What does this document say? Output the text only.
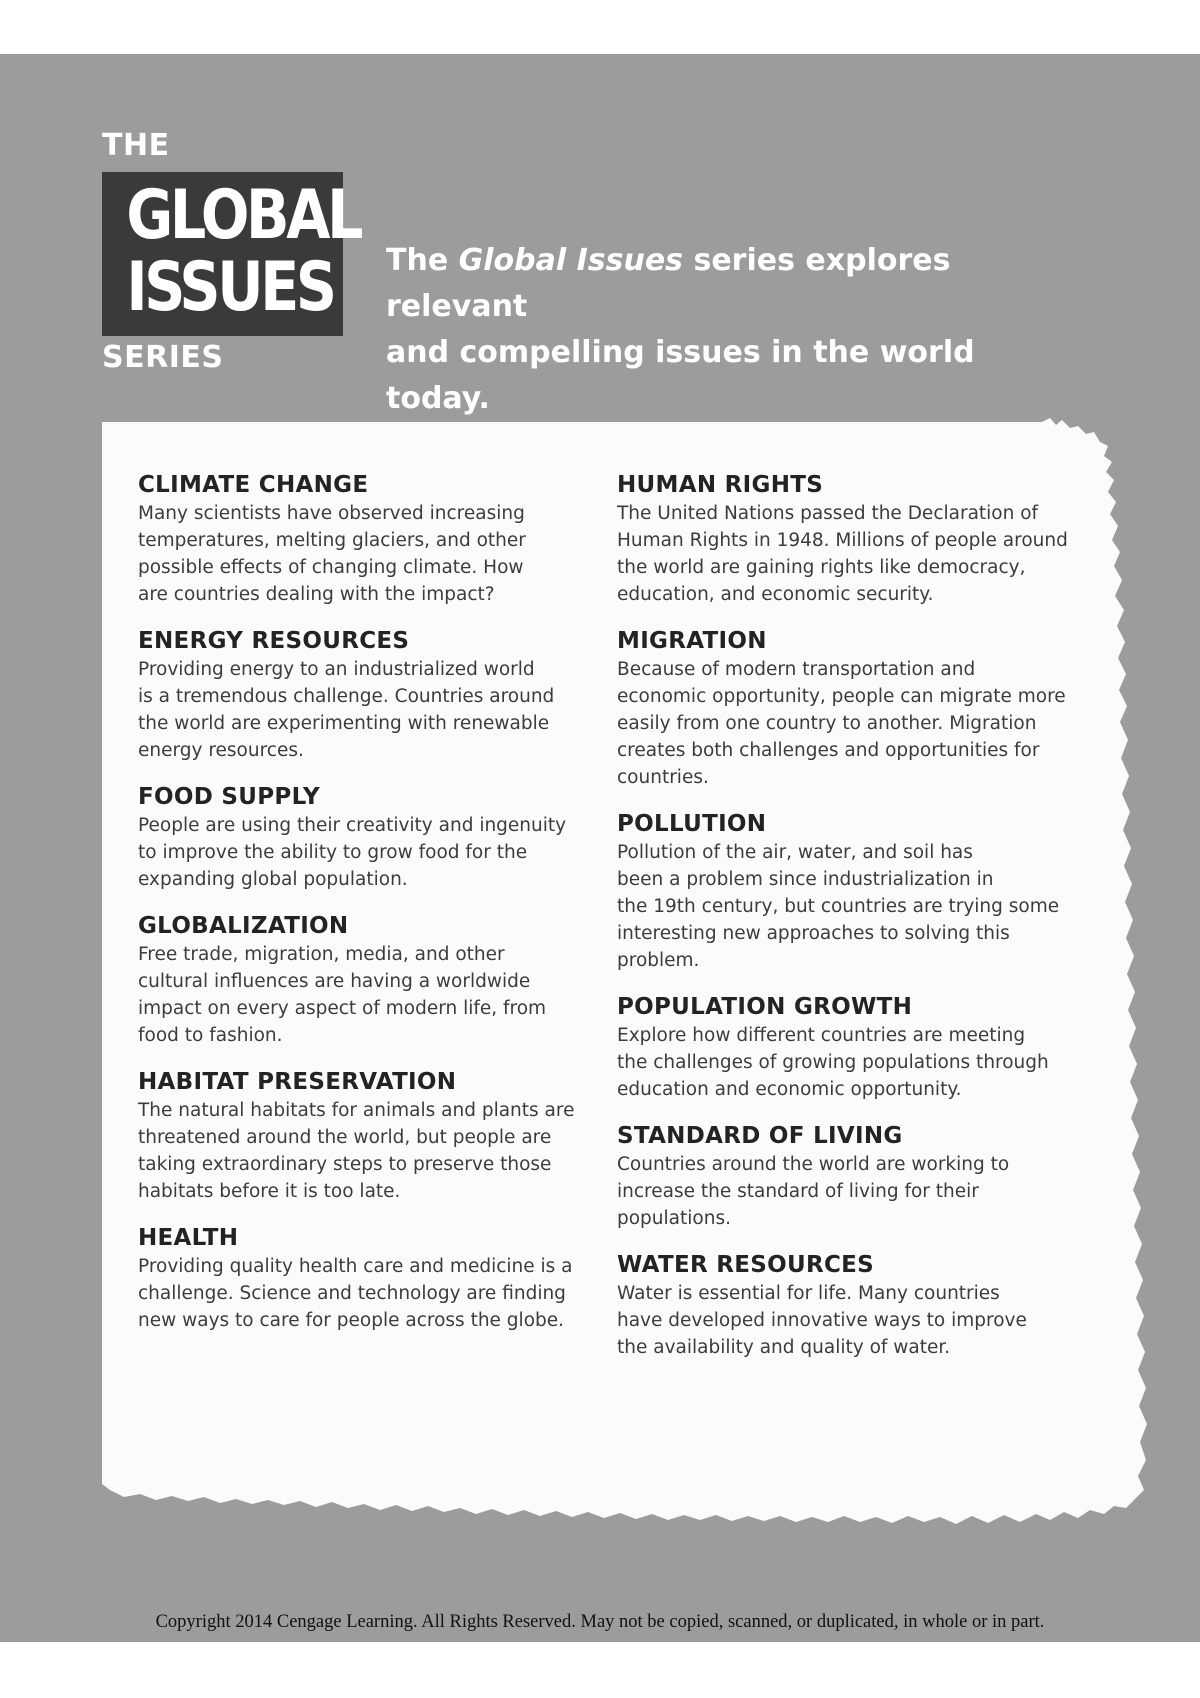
THE
GLOBAL
ISSUES
SERIES
The Global Issues series explores relevant
and compelling issues in the world today.
CLIMATE CHANGE
Many scientists have observed increasing
temperatures, melting glaciers, and other
possible effects of changing climate. How
are countries dealing with the impact?
ENERGY RESOURCES
Providing energy to an industrialized world
is a tremendous challenge. Countries around
the world are experimenting with renewable
energy resources.
FOOD SUPPLY
People are using their creativity and ingenuity
to improve the ability to grow food for the
expanding global population.
GLOBALIZATION
Free trade, migration, media, and other
cultural influences are having a worldwide
impact on every aspect of modern life, from
food to fashion.
HABITAT PRESERVATION
The natural habitats for animals and plants are
threatened around the world, but people are
taking extraordinary steps to preserve those
habitats before it is too late.
HEALTH
Providing quality health care and medicine is a
challenge. Science and technology are finding
new ways to care for people across the globe.
HUMAN RIGHTS
The United Nations passed the Declaration of
Human Rights in 1948. Millions of people around
the world are gaining rights like democracy,
education, and economic security.
MIGRATION
Because of modern transportation and
economic opportunity, people can migrate more
easily from one country to another. Migration
creates both challenges and opportunities for
countries.
POLLUTION
Pollution of the air, water, and soil has
been a problem since industrialization in
the 19th century, but countries are trying some
interesting new approaches to solving this
problem.
POPULATION GROWTH
Explore how different countries are meeting
the challenges of growing populations through
education and economic opportunity.
STANDARD OF LIVING
Countries around the world are working to
increase the standard of living for their
populations.
WATER RESOURCES
Water is essential for life. Many countries
have developed innovative ways to improve
the availability and quality of water.
Copyright 2014 Cengage Learning. All Rights Reserved. May not be copied, scanned, or duplicated, in whole or in part.
